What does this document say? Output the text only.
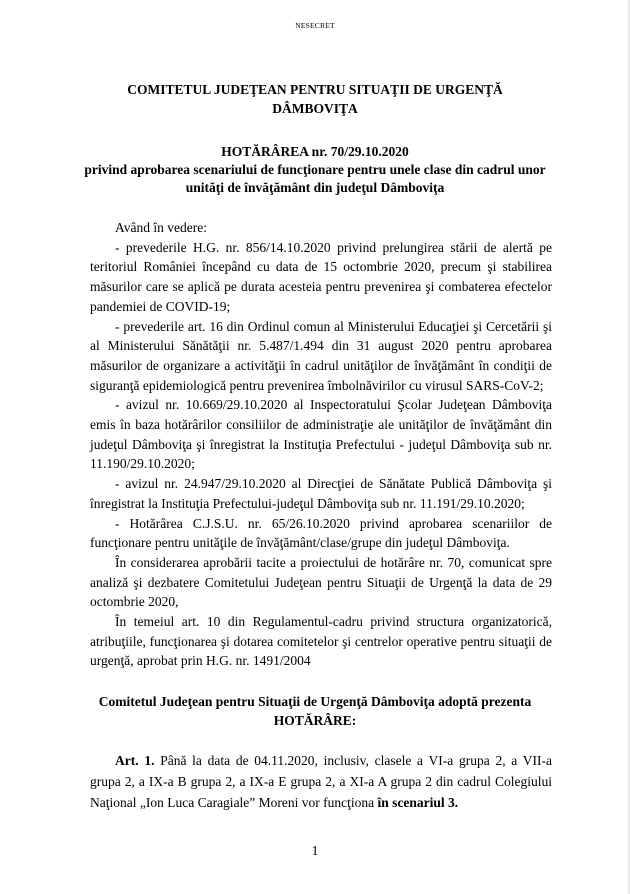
NESECRET
COMITETUL JUDEŢEAN PENTRU SITUAŢII DE URGENŢĂ
DÂMBOVIŢA
HOTĂRÂREA nr. 70/29.10.2020
privind aprobarea scenariului de funcţionare pentru unele clase din cadrul unor
unităţi de învăţământ din judeţul Dâmboviţa

Având în vedere:

- prevederile H.G. nr. 856/14.10.2020 privind prelungirea stării de alertă pe teritoriul României începând cu data de 15 octombrie 2020, precum şi stabilirea măsurilor care se aplică pe durata acesteia pentru prevenirea şi combaterea efectelor pandemiei de COVID-19;

- prevederile art. 16 din Ordinul comun al Ministerului Educaţiei şi Cercetării şi al Ministerului Sănătăţii nr. 5.487/1.494 din 31 august 2020 pentru aprobarea măsurilor de organizare a activităţii în cadrul unităţilor de învăţământ în condiţii de siguranţă epidemiologică pentru prevenirea îmbolnăvirilor cu virusul SARS-CoV-2;

- avizul nr. 10.669/29.10.2020 al Inspectoratului Şcolar Judeţean Dâmboviţa emis în baza hotărârilor consiliilor de administraţie ale unităţilor de învăţământ din judeţul Dâmboviţa şi înregistrat la Instituţia Prefectului - judeţul Dâmboviţa sub nr. 11.190/29.10.2020;

- avizul nr. 24.947/29.10.2020 al Direcţiei de Sănătate Publică Dâmboviţa şi înregistrat la Instituţia Prefectului-judeţul Dâmboviţa sub nr. 11.191/29.10.2020;

- Hotărârea C.J.S.U. nr. 65/26.10.2020 privind aprobarea scenariilor de funcţionare pentru unităţile de învăţământ/clase/grupe din judeţul Dâmboviţa.

În considerarea aprobării tacite a proiectului de hotărâre nr. 70, comunicat spre analiză şi dezbatere Comitetului Judeţean pentru Situaţii de Urgenţă la data de 29 octombrie 2020,

În temeiul art. 10 din Regulamentul-cadru privind structura organizatorică, atribuţiile, funcţionarea şi dotarea comitetelor şi centrelor operative pentru situaţii de urgenţă, aprobat prin H.G. nr. 1491/2004

Comitetul Judeţean pentru Situaţii de Urgenţă Dâmboviţa adoptă prezenta
HOTĂRÂRE:
Art. 1. Până la data de 04.11.2020, inclusiv, clasele a VI-a grupa 2, a VII-a grupa 2, a IX-a B grupa 2, a IX-a E grupa 2, a XI-a A grupa 2 din cadrul Colegiului Naţional „Ion Luca Caragiale” Moreni vor funcţiona în scenariul 3.
1
